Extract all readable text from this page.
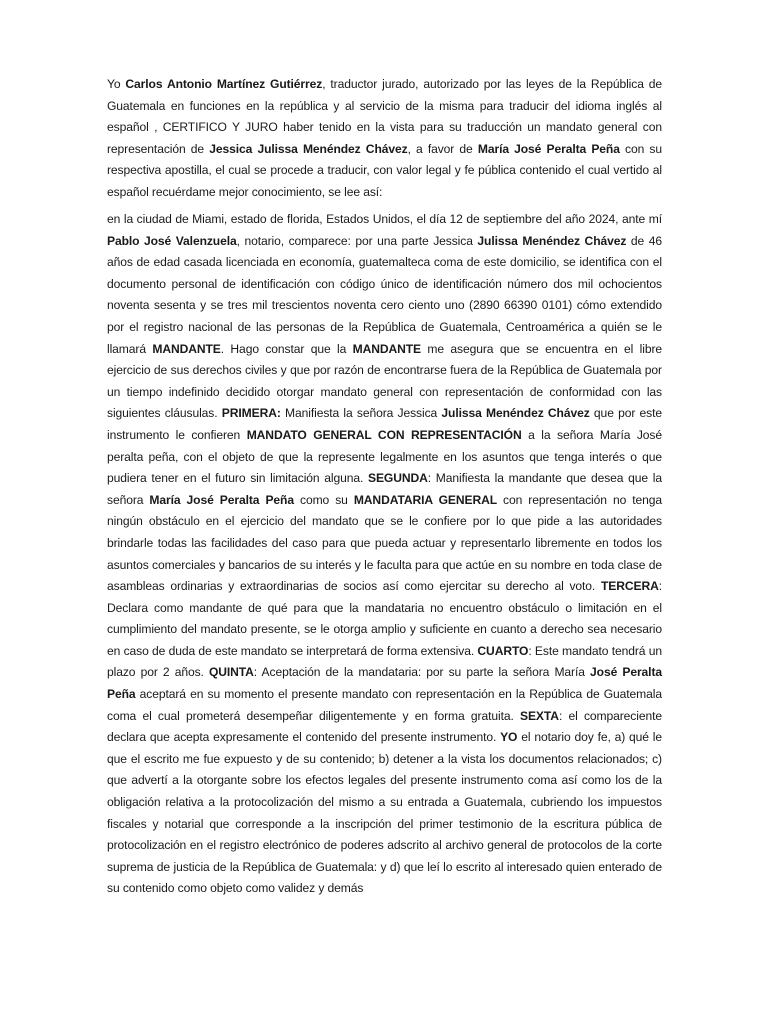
Yo Carlos Antonio Martínez Gutiérrez, traductor jurado, autorizado por las leyes de la República de Guatemala en funciones en la república y al servicio de la misma para traducir del idioma inglés al español , CERTIFICO Y JURO haber tenido en la vista para su traducción un mandato general con representación de Jessica Julissa Menéndez Chávez, a favor de María José Peralta Peña con su respectiva apostilla, el cual se procede a traducir, con valor legal y fe pública contenido el cual vertido al español recuérdame mejor conocimiento, se lee así:

en la ciudad de Miami, estado de florida, Estados Unidos, el día 12 de septiembre del año 2024, ante mí Pablo José Valenzuela, notario, comparece: por una parte Jessica Julissa Menéndez Chávez de 46 años de edad casada licenciada en economía, guatemalteca coma de este domicilio, se identifica con el documento personal de identificación con código único de identificación número dos mil ochocientos noventa sesenta y se tres mil trescientos noventa cero ciento uno (2890 66390 0101) cómo extendido por el registro nacional de las personas de la República de Guatemala, Centroamérica a quién se le llamará MANDANTE. Hago constar que la MANDANTE me asegura que se encuentra en el libre ejercicio de sus derechos civiles y que por razón de encontrarse fuera de la República de Guatemala por un tiempo indefinido decidido otorgar mandato general con representación de conformidad con las siguientes cláusulas. PRIMERA: Manifiesta la señora Jessica Julissa Menéndez Chávez que por este instrumento le confieren MANDATO GENERAL CON REPRESENTACIÓN a la señora María José peralta peña, con el objeto de que la represente legalmente en los asuntos que tenga interés o que pudiera tener en el futuro sin limitación alguna. SEGUNDA: Manifiesta la mandante que desea que la señora María José Peralta Peña como su MANDATARIA GENERAL con representación no tenga ningún obstáculo en el ejercicio del mandato que se le confiere por lo que pide a las autoridades brindarle todas las facilidades del caso para que pueda actuar y representarlo libremente en todos los asuntos comerciales y bancarios de su interés y le faculta para que actúe en su nombre en toda clase de asambleas ordinarias y extraordinarias de socios así como ejercitar su derecho al voto. TERCERA: Declara como mandante de qué para que la mandataria no encuentro obstáculo o limitación en el cumplimiento del mandato presente, se le otorga amplio y suficiente en cuanto a derecho sea necesario en caso de duda de este mandato se interpretará de forma extensiva. CUARTO: Este mandato tendrá un plazo por 2 años. QUINTA: Aceptación de la mandataria: por su parte la señora María José Peralta Peña aceptará en su momento el presente mandato con representación en la República de Guatemala coma el cual prometerá desempeñar diligentemente y en forma gratuita. SEXTA: el compareciente declara que acepta expresamente el contenido del presente instrumento. YO el notario doy fe, a) qué le que el escrito me fue expuesto y de su contenido; b) detener a la vista los documentos relacionados; c) que advertí a la otorgante sobre los efectos legales del presente instrumento coma así como los de la obligación relativa a la protocolización del mismo a su entrada a Guatemala, cubriendo los impuestos fiscales y notarial que corresponde a la inscripción del primer testimonio de la escritura pública de protocolización en el registro electrónico de poderes adscrito al archivo general de protocolos de la corte suprema de justicia de la República de Guatemala: y d) que leí lo escrito al interesado quien enterado de su contenido como objeto como validez y demás
